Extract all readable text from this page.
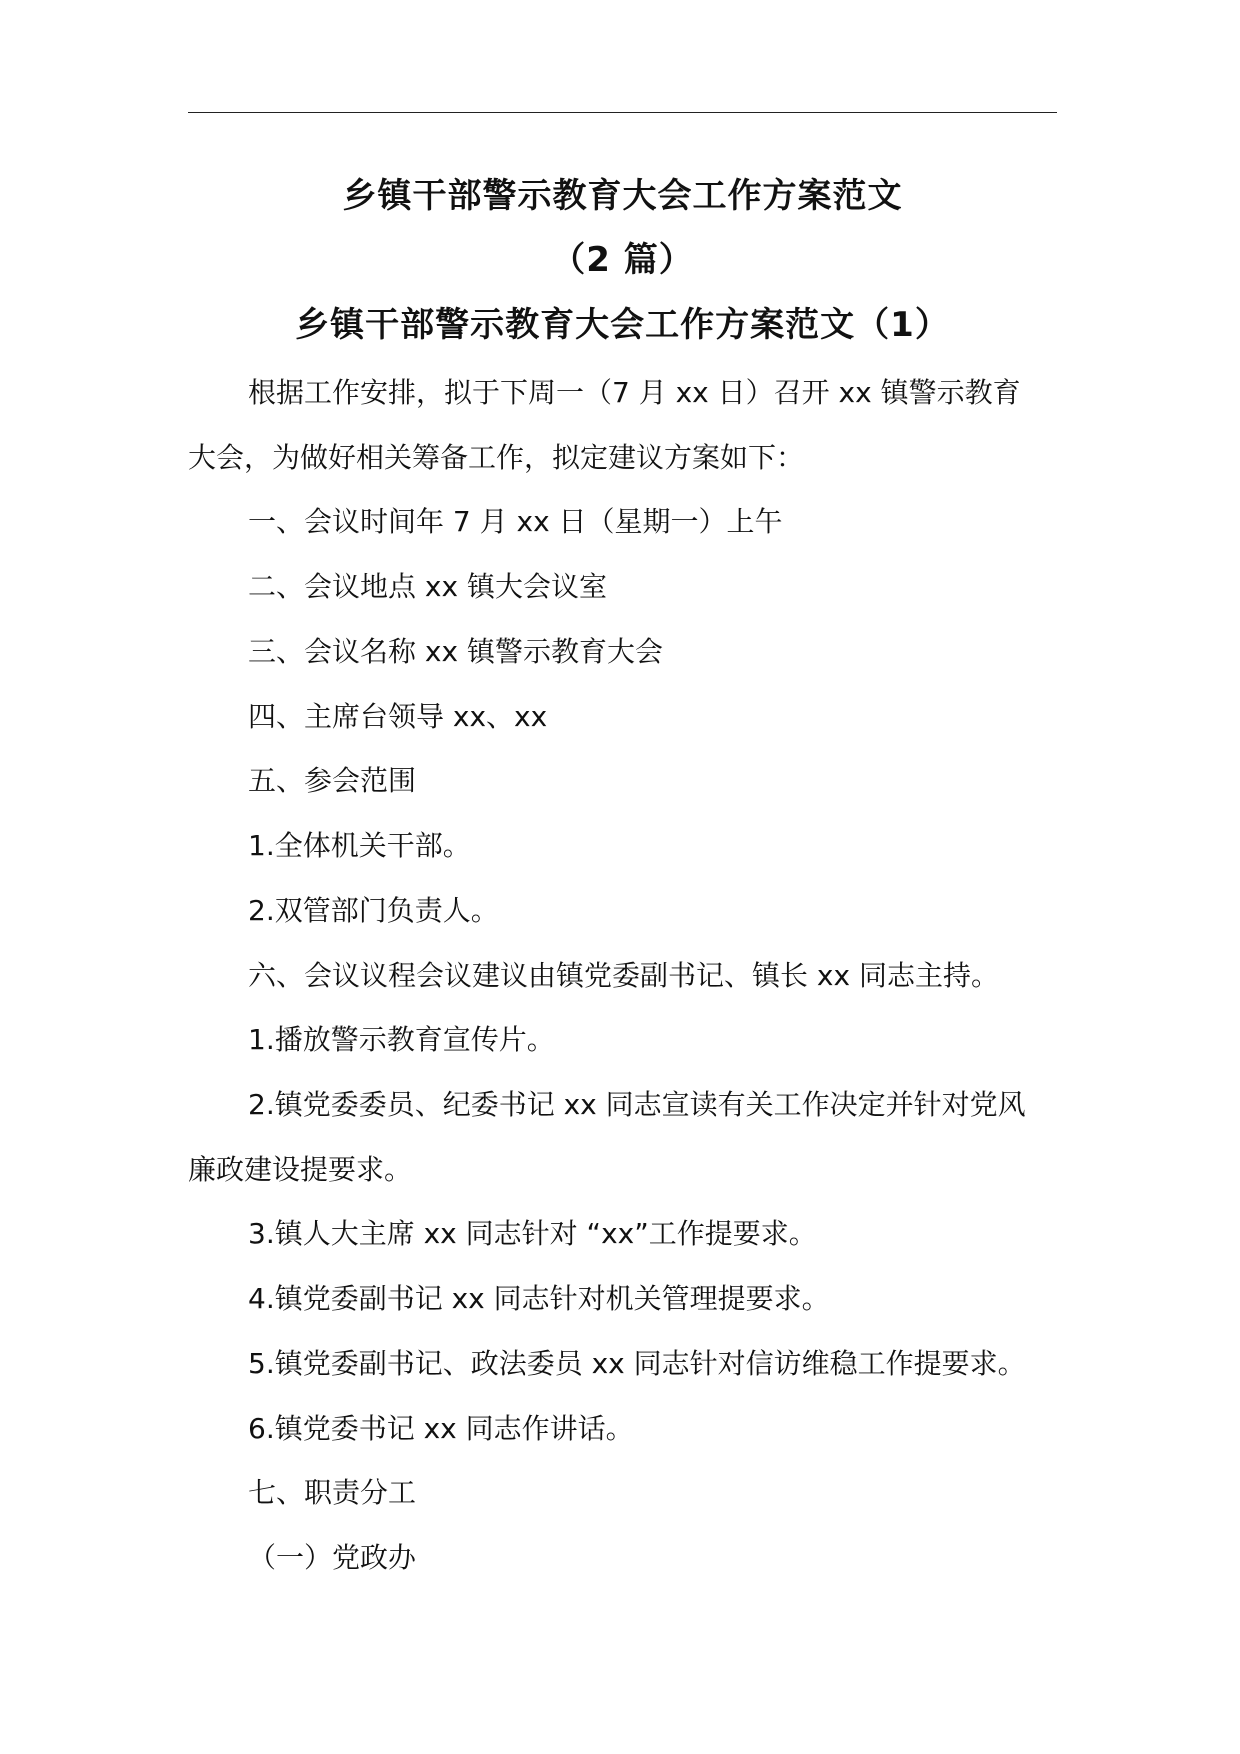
乡镇干部警示教育大会工作方案范文
（2 篇）
乡镇干部警示教育大会工作方案范文（1）
根据工作安排，拟于下周一（7 月 xx 日）召开 xx 镇警示教育
大会，为做好相关筹备工作，拟定建议方案如下：
一、会议时间年 7 月 xx 日（星期一）上午
二、会议地点 xx 镇大会议室
三、会议名称 xx 镇警示教育大会
四、主席台领导 xx、xx
五、参会范围
1.全体机关干部。
2.双管部门负责人。
六、会议议程会议建议由镇党委副书记、镇长 xx 同志主持。
1.播放警示教育宣传片。
2.镇党委委员、纪委书记 xx 同志宣读有关工作决定并针对党风
廉政建设提要求。
3.镇人大主席 xx 同志针对 “xx”工作提要求。
4.镇党委副书记 xx 同志针对机关管理提要求。
5.镇党委副书记、政法委员 xx 同志针对信访维稳工作提要求。
6.镇党委书记 xx 同志作讲话。
七、职责分工
（一）党政办
